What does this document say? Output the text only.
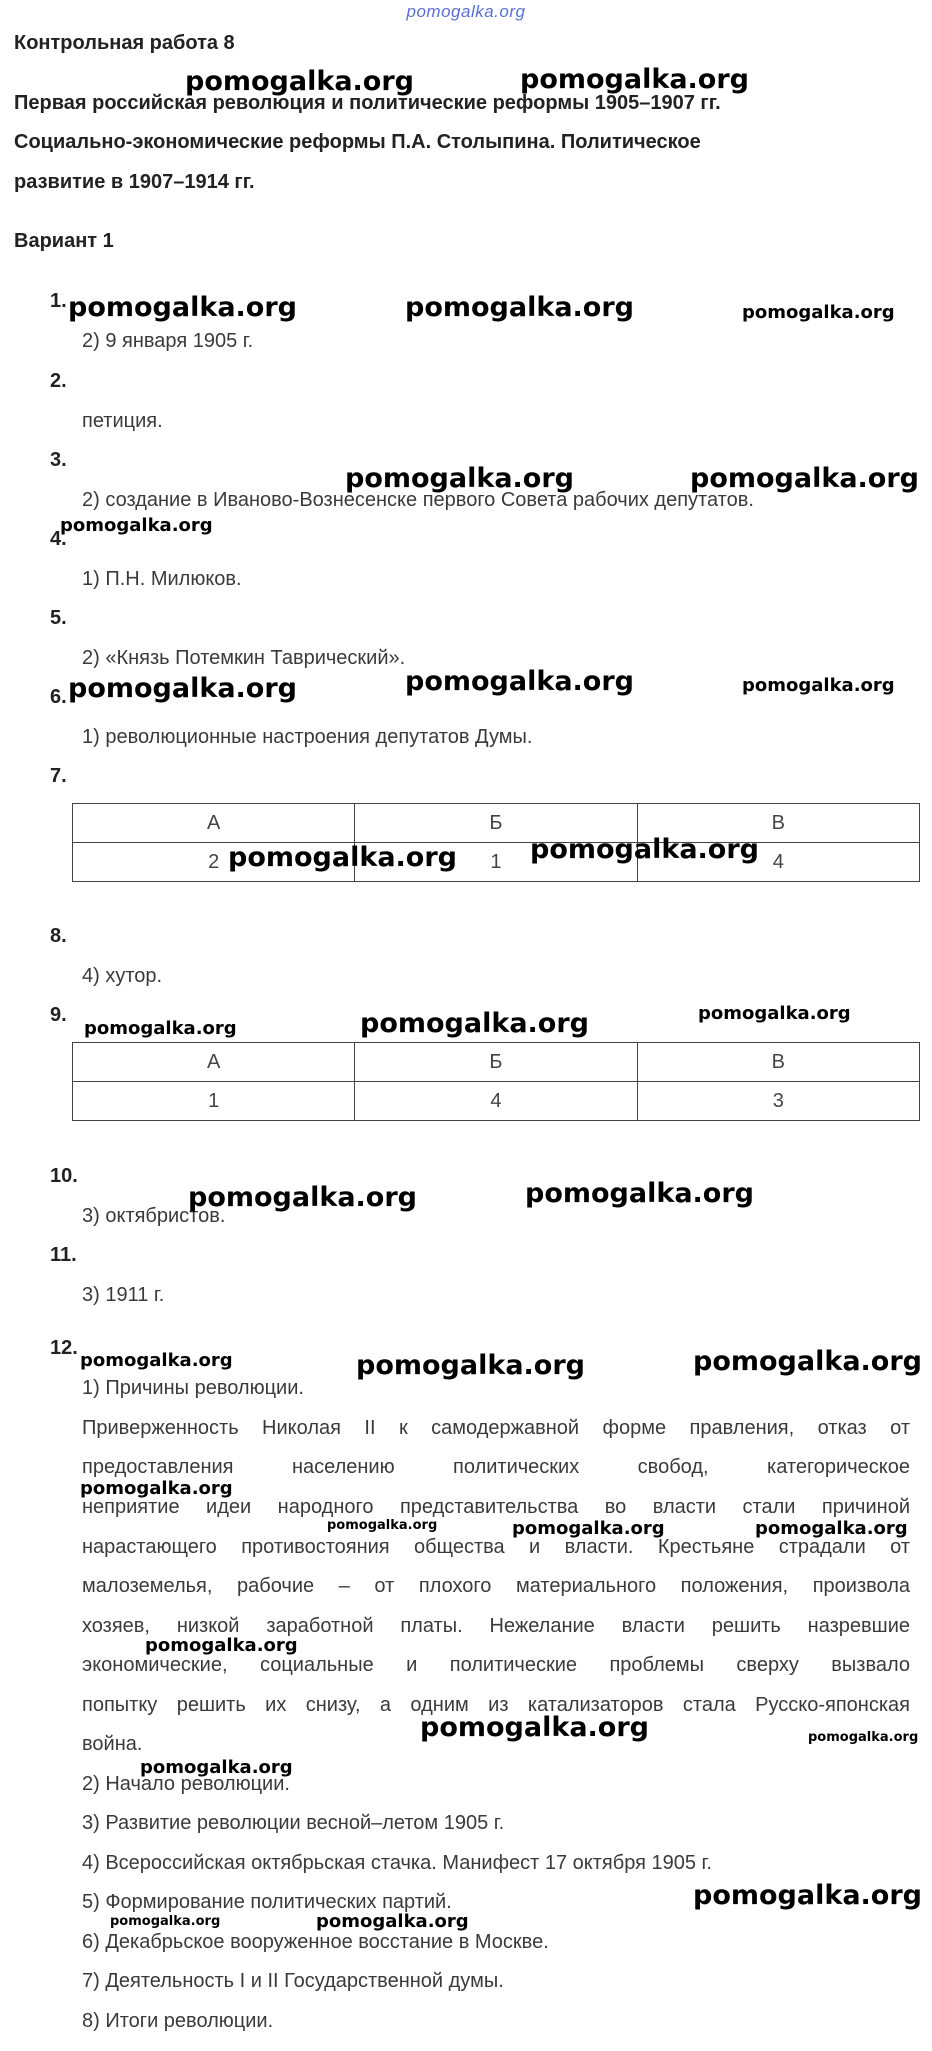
pomogalka.org
Контрольная работа 8
Первая российская революция и политические реформы 1905–1907 гг.
Социально-экономические реформы П.А. Столыпина. Политическое
развитие в 1907–1914 гг.
Вариант 1
1.
2) 9 января 1905 г.
2.
петиция.
3.
2) создание в Иваново-Вознесенске первого Совета рабочих депутатов.
4.
1) П.Н. Милюков.
5.
2) «Князь Потемкин Таврический».
6.
1) революционные настроения депутатов Думы.
7.
А	Б	В
2	1	4
8.
4) хутор.
9.
А	Б	В
1	4	3
10.
3) октябристов.
11.
3) 1911 г.
12.
1) Причины революции.
Приверженность Николая II к самодержавной форме правления, отказ от
предоставления населению политических свобод, категорическое
неприятие идеи народного представительства во власти стали причиной
нарастающего противостояния общества и власти. Крестьяне страдали от
малоземелья, рабочие – от плохого материального положения, произвола
хозяев, низкой заработной платы. Нежелание власти решить назревшие
экономические, социальные и политические проблемы сверху вызвало
попытку решить их снизу, а одним из катализаторов стала Русско-японская
война.
2) Начало революции.
3) Развитие революции весной–летом 1905 г.
4) Всероссийская октябрьская стачка. Манифест 17 октября 1905 г.
5) Формирование политических партий.
6) Декабрьское вооруженное восстание в Москве.
7) Деятельность I и II Государственной думы.
8) Итоги революции.
pomogalka.org	pomogalka.org
pomogalka.org	pomogalka.org	pomogalka.org
pomogalka.org	pomogalka.org
pomogalka.org
pomogalka.org	pomogalka.org	pomogalka.org
pomogalka.org	pomogalka.org
pomogalka.org	pomogalka.org	pomogalka.org
pomogalka.org	pomogalka.org
pomogalka.org	pomogalka.org	pomogalka.org
pomogalka.org
pomogalka.org	pomogalka.org	pomogalka.org
pomogalka.org
pomogalka.org	pomogalka.org
pomogalka.org
pomogalka.org
pomogalka.org	pomogalka.org
